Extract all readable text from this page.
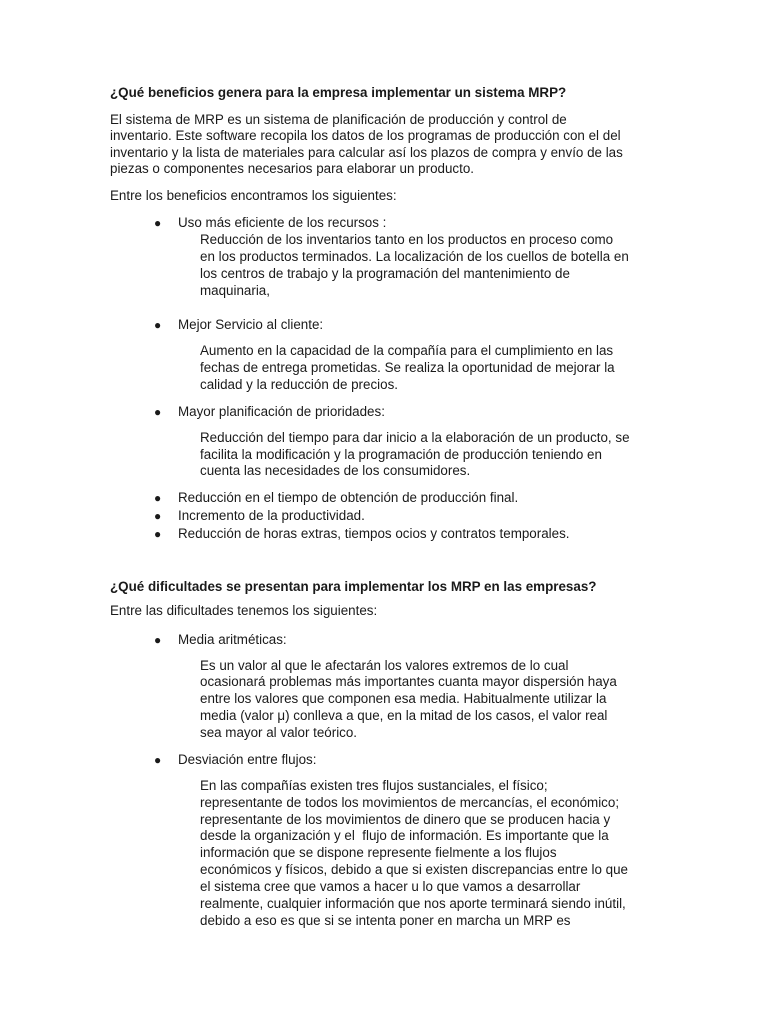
¿Qué beneficios genera para la empresa implementar un sistema MRP?
El sistema de MRP es un sistema de planificación de producción y control de
inventario. Este software recopila los datos de los programas de producción con el del
inventario y la lista de materiales para calcular así los plazos de compra y envío de las
piezas o componentes necesarios para elaborar un producto.
Entre los beneficios encontramos los siguientes:
● Uso más eficiente de los recursos :
Reducción de los inventarios tanto en los productos en proceso como
en los productos terminados. La localización de los cuellos de botella en
los centros de trabajo y la programación del mantenimiento de
maquinaria,
● Mejor Servicio al cliente:
Aumento en la capacidad de la compañía para el cumplimiento en las
fechas de entrega prometidas. Se realiza la oportunidad de mejorar la
calidad y la reducción de precios.
● Mayor planificación de prioridades:
Reducción del tiempo para dar inicio a la elaboración de un producto, se
facilita la modificación y la programación de producción teniendo en
cuenta las necesidades de los consumidores.
● Reducción en el tiempo de obtención de producción final.
● Incremento de la productividad.
● Reducción de horas extras, tiempos ocios y contratos temporales.
¿Qué dificultades se presentan para implementar los MRP en las empresas?
Entre las dificultades tenemos los siguientes:
● Media aritméticas:
Es un valor al que le afectarán los valores extremos de lo cual
ocasionará problemas más importantes cuanta mayor dispersión haya
entre los valores que componen esa media. Habitualmente utilizar la
media (valor μ) conlleva a que, en la mitad de los casos, el valor real
sea mayor al valor teórico.
● Desviación entre flujos:
En las compañías existen tres flujos sustanciales, el físico;
representante de todos los movimientos de mercancías, el económico;
representante de los movimientos de dinero que se producen hacia y
desde la organización y el  flujo de información. Es importante que la
información que se dispone represente fielmente a los flujos
económicos y físicos, debido a que si existen discrepancias entre lo que
el sistema cree que vamos a hacer u lo que vamos a desarrollar
realmente, cualquier información que nos aporte terminará siendo inútil,
debido a eso es que si se intenta poner en marcha un MRP es
